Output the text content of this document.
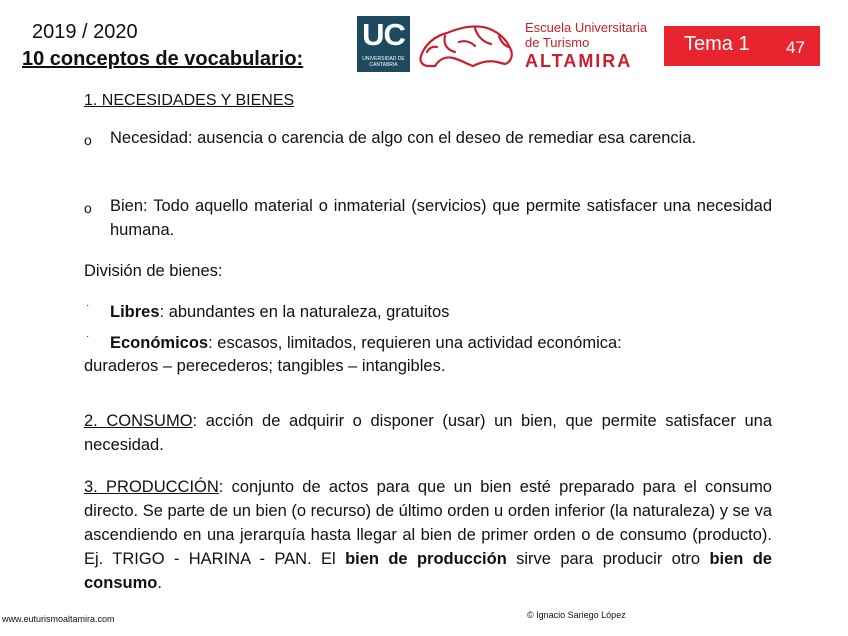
2019 / 2020
10 conceptos de vocabulario:
UC
UNIVERSIDAD DE CANTABRIA
Escuela Universitaria
de Turismo
ALTAMIRA
Tema 1 47
1. NECESIDADES Y BIENES
o Necesidad: ausencia o carencia de algo con el deseo de remediar esa carencia.
o Bien: Todo aquello material o inmaterial (servicios) que permite satisfacer una necesidad humana.
División de bienes:
· Libres: abundantes en la naturaleza, gratuitos
· Económicos: escasos, limitados, requieren una actividad económica:
duraderos – perecederos; tangibles – intangibles.
2. CONSUMO: acción de adquirir o disponer (usar) un bien, que permite satisfacer una necesidad.
3. PRODUCCIÓN: conjunto de actos para que un bien esté preparado para el consumo directo. Se parte de un bien (o recurso) de último orden u orden inferior (la naturaleza) y se va ascendiendo en una jerarquía hasta llegar al bien de primer orden o de consumo (producto). Ej. TRIGO - HARINA - PAN. El bien de producción sirve para producir otro bien de consumo.
www.euturismoaltamira.com	© Ignacio Sariego López
